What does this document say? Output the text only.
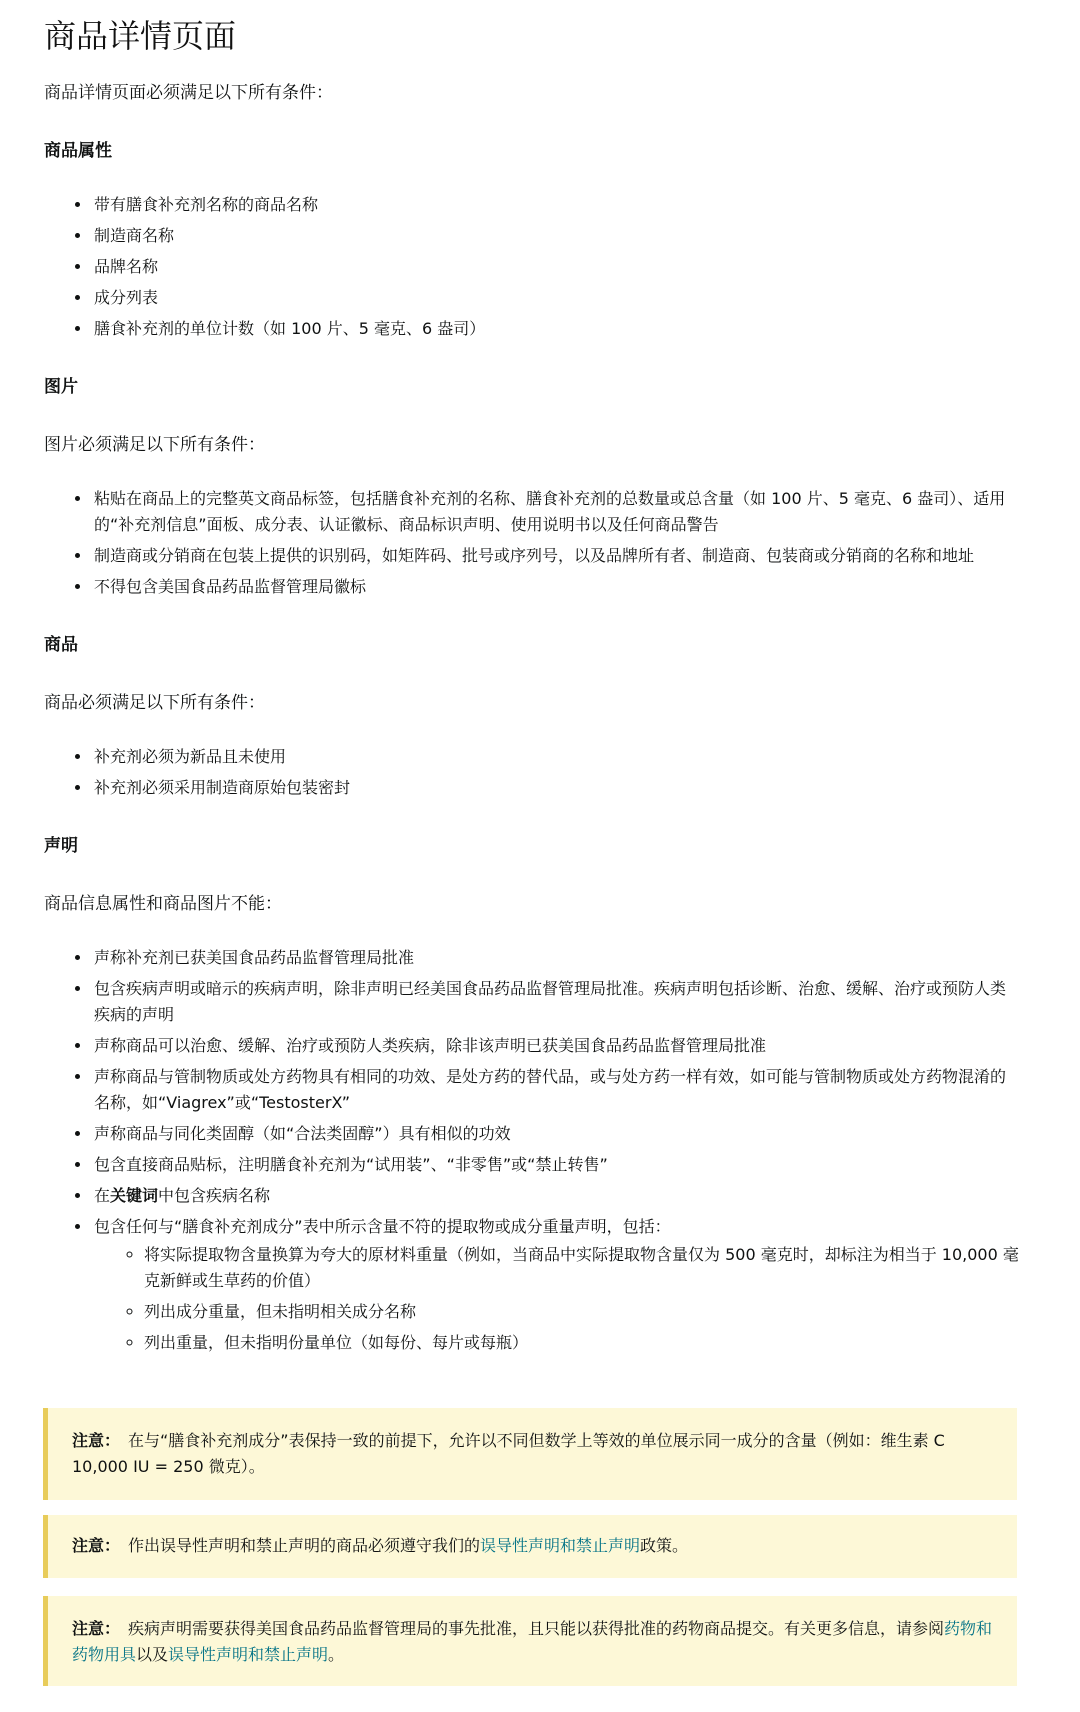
商品详情页面

商品详情页面必须满足以下所有条件：

商品属性
• 带有膳食补充剂名称的商品名称
• 制造商名称
• 品牌名称
• 成分列表
• 膳食补充剂的单位计数（如 100 片、5 毫克、6 盎司）
图片

图片必须满足以下所有条件：

• 粘贴在商品上的完整英文商品标签，包括膳食补充剂的名称、膳食补充剂的总数量或总含量（如 100 片、5 毫克、6 盎司）、适用的“补充剂信息”面板、成分表、认证徽标、商品标识声明、使用说明书以及任何商品警告
• 制造商或分销商在包装上提供的识别码，如矩阵码、批号或序列号，以及品牌所有者、制造商、包装商或分销商的名称和地址
• 不得包含美国食品药品监督管理局徽标
商品

商品必须满足以下所有条件：

• 补充剂必须为新品且未使用
• 补充剂必须采用制造商原始包装密封
声明

商品信息属性和商品图片不能：

• 声称补充剂已获美国食品药品监督管理局批准
• 包含疾病声明或暗示的疾病声明，除非声明已经美国食品药品监督管理局批准。疾病声明包括诊断、治愈、缓解、治疗或预防人类疾病的声明
• 声称商品可以治愈、缓解、治疗或预防人类疾病，除非该声明已获美国食品药品监督管理局批准
• 声称商品与管制物质或处方药物具有相同的功效、是处方药的替代品，或与处方药一样有效，如可能与管制物质或处方药物混淆的名称，如“Viagrex”或“TestosterX”
• 声称商品与同化类固醇（如“合法类固醇”）具有相似的功效
• 包含直接商品贴标，注明膳食补充剂为“试用装”、“非零售”或“禁止转售”
• 在关键词中包含疾病名称
• 包含任何与“膳食补充剂成分”表中所示含量不符的提取物或成分重量声明，包括：
◦ 将实际提取物含量换算为夸大的原材料重量（例如，当商品中实际提取物含量仅为 500 毫克时，却标注为相当于 10,000 毫克新鲜或生草药的价值）
◦ 列出成分重量，但未指明相关成分名称
◦ 列出重量，但未指明份量单位（如每份、每片或每瓶）
注意： 在与“膳食补充剂成分”表保持一致的前提下，允许以不同但数学上等效的单位展示同一成分的含量（例如：维生素 C 10,000 IU = 250 微克）。
注意： 作出误导性声明和禁止声明的商品必须遵守我们的误导性声明和禁止声明政策。
注意： 疾病声明需要获得美国食品药品监督管理局的事先批准，且只能以获得批准的药物商品提交。有关更多信息，请参阅药物和药物用具以及误导性声明和禁止声明。
